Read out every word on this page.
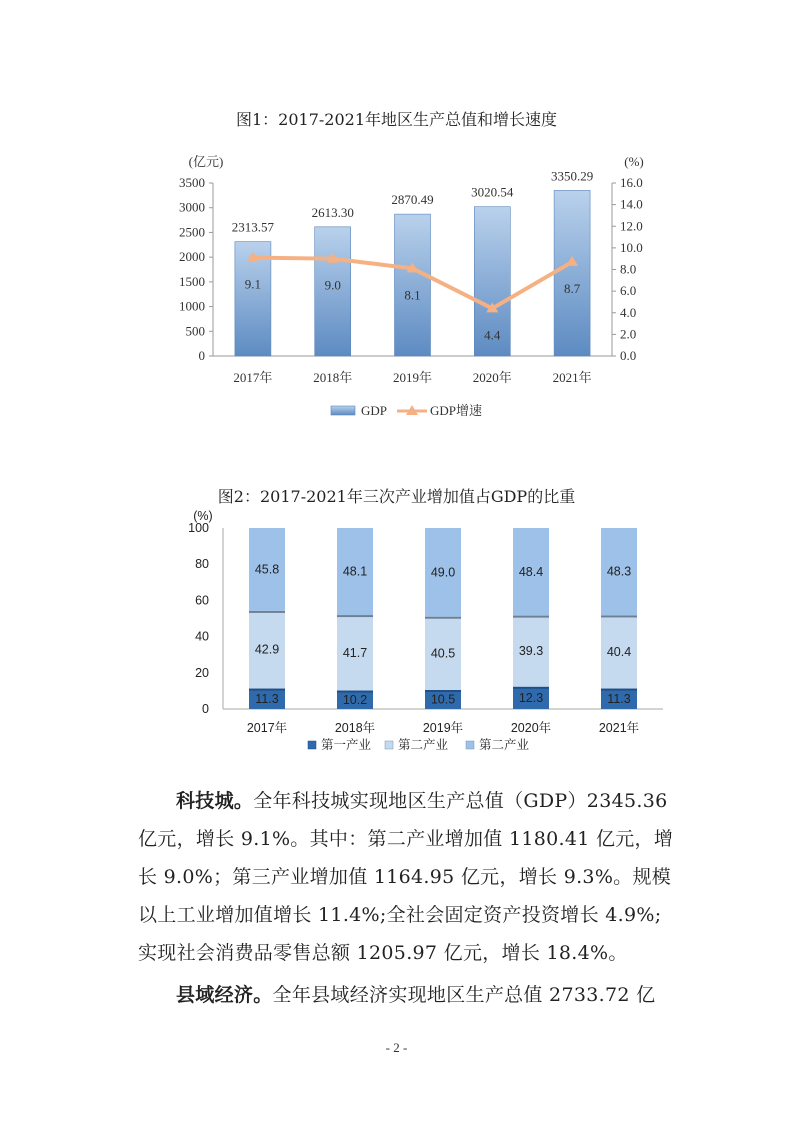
图1：2017-2021年地区生产总值和增长速度
0
500
1000
1500
2000
2500
3000
3500
0.0
2.0
4.0
6.0
8.0
10.0
12.0
14.0
16.0
(亿元)	(%)
2313.57
2017年
2613.30
2018年
2870.49
2019年
3020.54
2020年
3350.29
2021年
9.1	9.0
8.1
4.4
8.7
GDP	GDP增速
图2：2017-2021年三次产业增加值占GDP的比重
0
20
40
60
80
100
(%)
11.3
42.9
45.8
2017年
10.2
41.7
48.1
2018年
10.5
40.5
49.0
2019年
12.3
39.3
48.4
2020年
11.3
40.4
48.3
2021年
第一产业 第二产业 第二产业
科技城。全年科技城实现地区生产总值（GDP）2345.36
亿元，增长 9.1%。其中：第二产业增加值 1180.41 亿元，增
长 9.0%；第三产业增加值 1164.95 亿元，增长 9.3%。规模
以上工业增加值增长 11.4%;全社会固定资产投资增长 4.9%;
实现社会消费品零售总额 1205.97 亿元，增长 18.4%。
县域经济。全年县域经济实现地区生产总值 2733.72 亿
- 2 -
